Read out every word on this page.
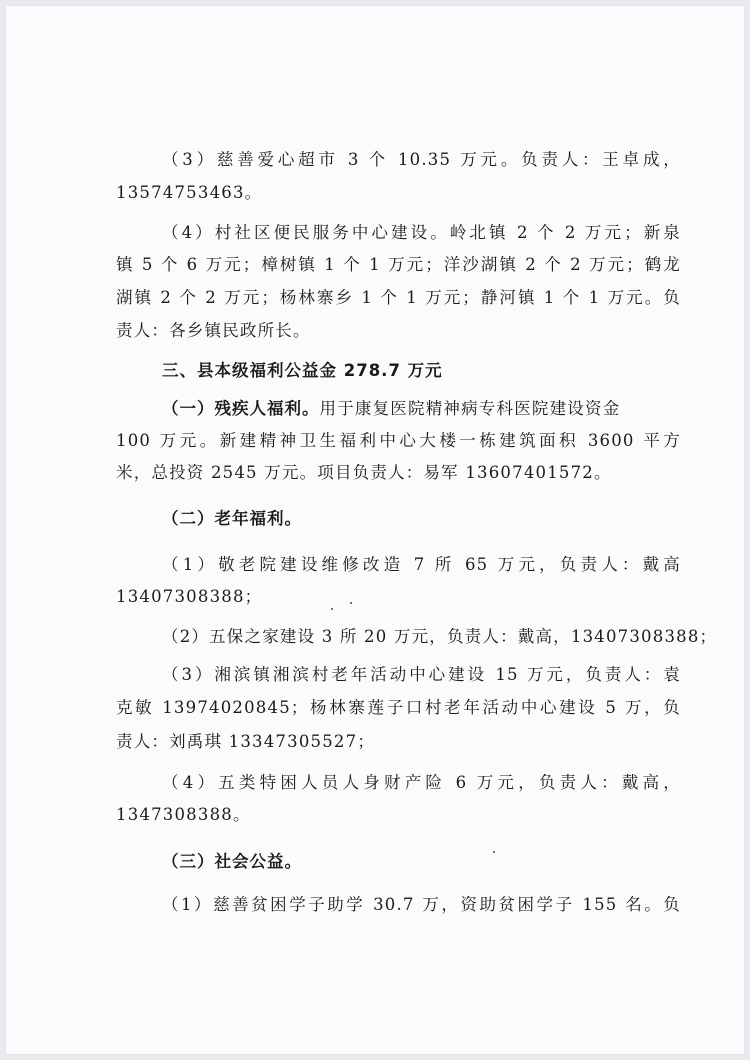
（3）慈善爱心超市 3 个 10.35 万元。负责人：王卓成，
13574753463。
（4）村社区便民服务中心建设。岭北镇 2 个 2 万元；新泉
镇 5 个 6 万元；樟树镇 1 个 1 万元；洋沙湖镇 2 个 2 万元；鹤龙
湖镇 2 个 2 万元；杨林寨乡 1 个 1 万元；静河镇 1 个 1 万元。负
责人：各乡镇民政所长。
三、县本级福利公益金 278.7 万元
（一）残疾人福利。用于康复医院精神病专科医院建设资金
100 万元。新建精神卫生福利中心大楼一栋建筑面积 3600 平方
米，总投资 2545 万元。项目负责人：易军 13607401572。
（二）老年福利。
（1）敬老院建设维修改造 7 所 65 万元，负责人：戴高
13407308388；
（2）五保之家建设 3 所 20 万元，负责人：戴高，13407308388；
（3）湘滨镇湘滨村老年活动中心建设 15 万元，负责人：袁
克敏 13974020845；杨林寨莲子口村老年活动中心建设 5 万，负
责人：刘禹琪 13347305527；
（4）五类特困人员人身财产险 6 万元，负责人：戴高，
1347308388。
（三）社会公益。
（1）慈善贫困学子助学 30.7 万，资助贫困学子 155 名。负
